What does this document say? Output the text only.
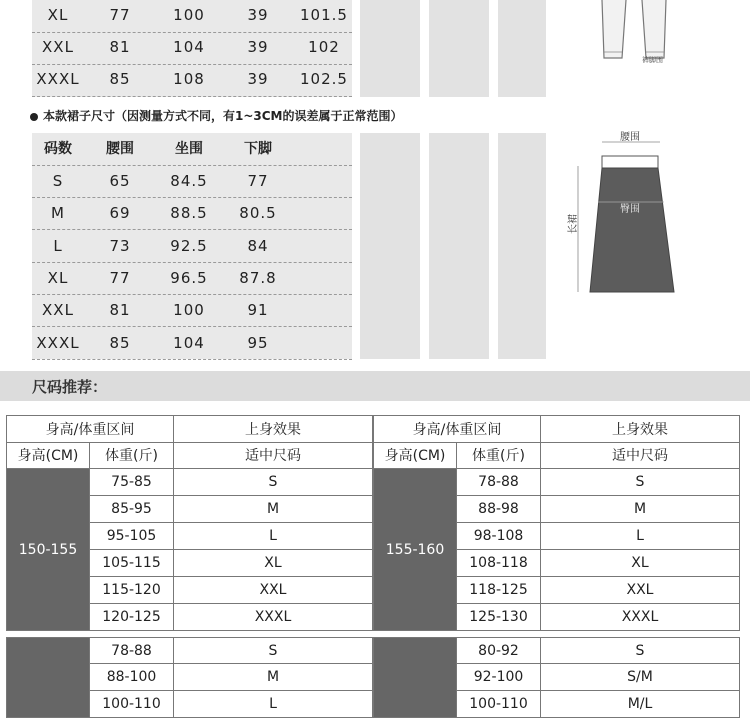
XL	77	100	39	101.5
XXL	81	104	39	102
XXXL	85	108	39	102.5
裤脚围
本款裙子尺寸（因测量方式不同，有1~3CM的误差属于正常范围）
码数	腰围	坐围	下脚
S	65	84.5	77
M	69	88.5	80.5
L	73	92.5	84
XL	77	96.5	87.8
XXL	81	100	91
XXXL	85	104	95
腰围
臀围
长裙
尺码推荐：
身高/体重区间	上身效果
身高(CM)	体重(斤)	适中尺码
150-155
75-85	S
85-95	M
95-105	L
105-115	XL
115-120	XXL
120-125	XXXL
78-88	S
88-100	M
100-110	L
身高/体重区间	上身效果
身高(CM)	体重(斤)	适中尺码
155-160
78-88	S
88-98	M
98-108	L
108-118	XL
118-125	XXL
125-130	XXXL
80-92	S
92-100	S/M
100-110	M/L
